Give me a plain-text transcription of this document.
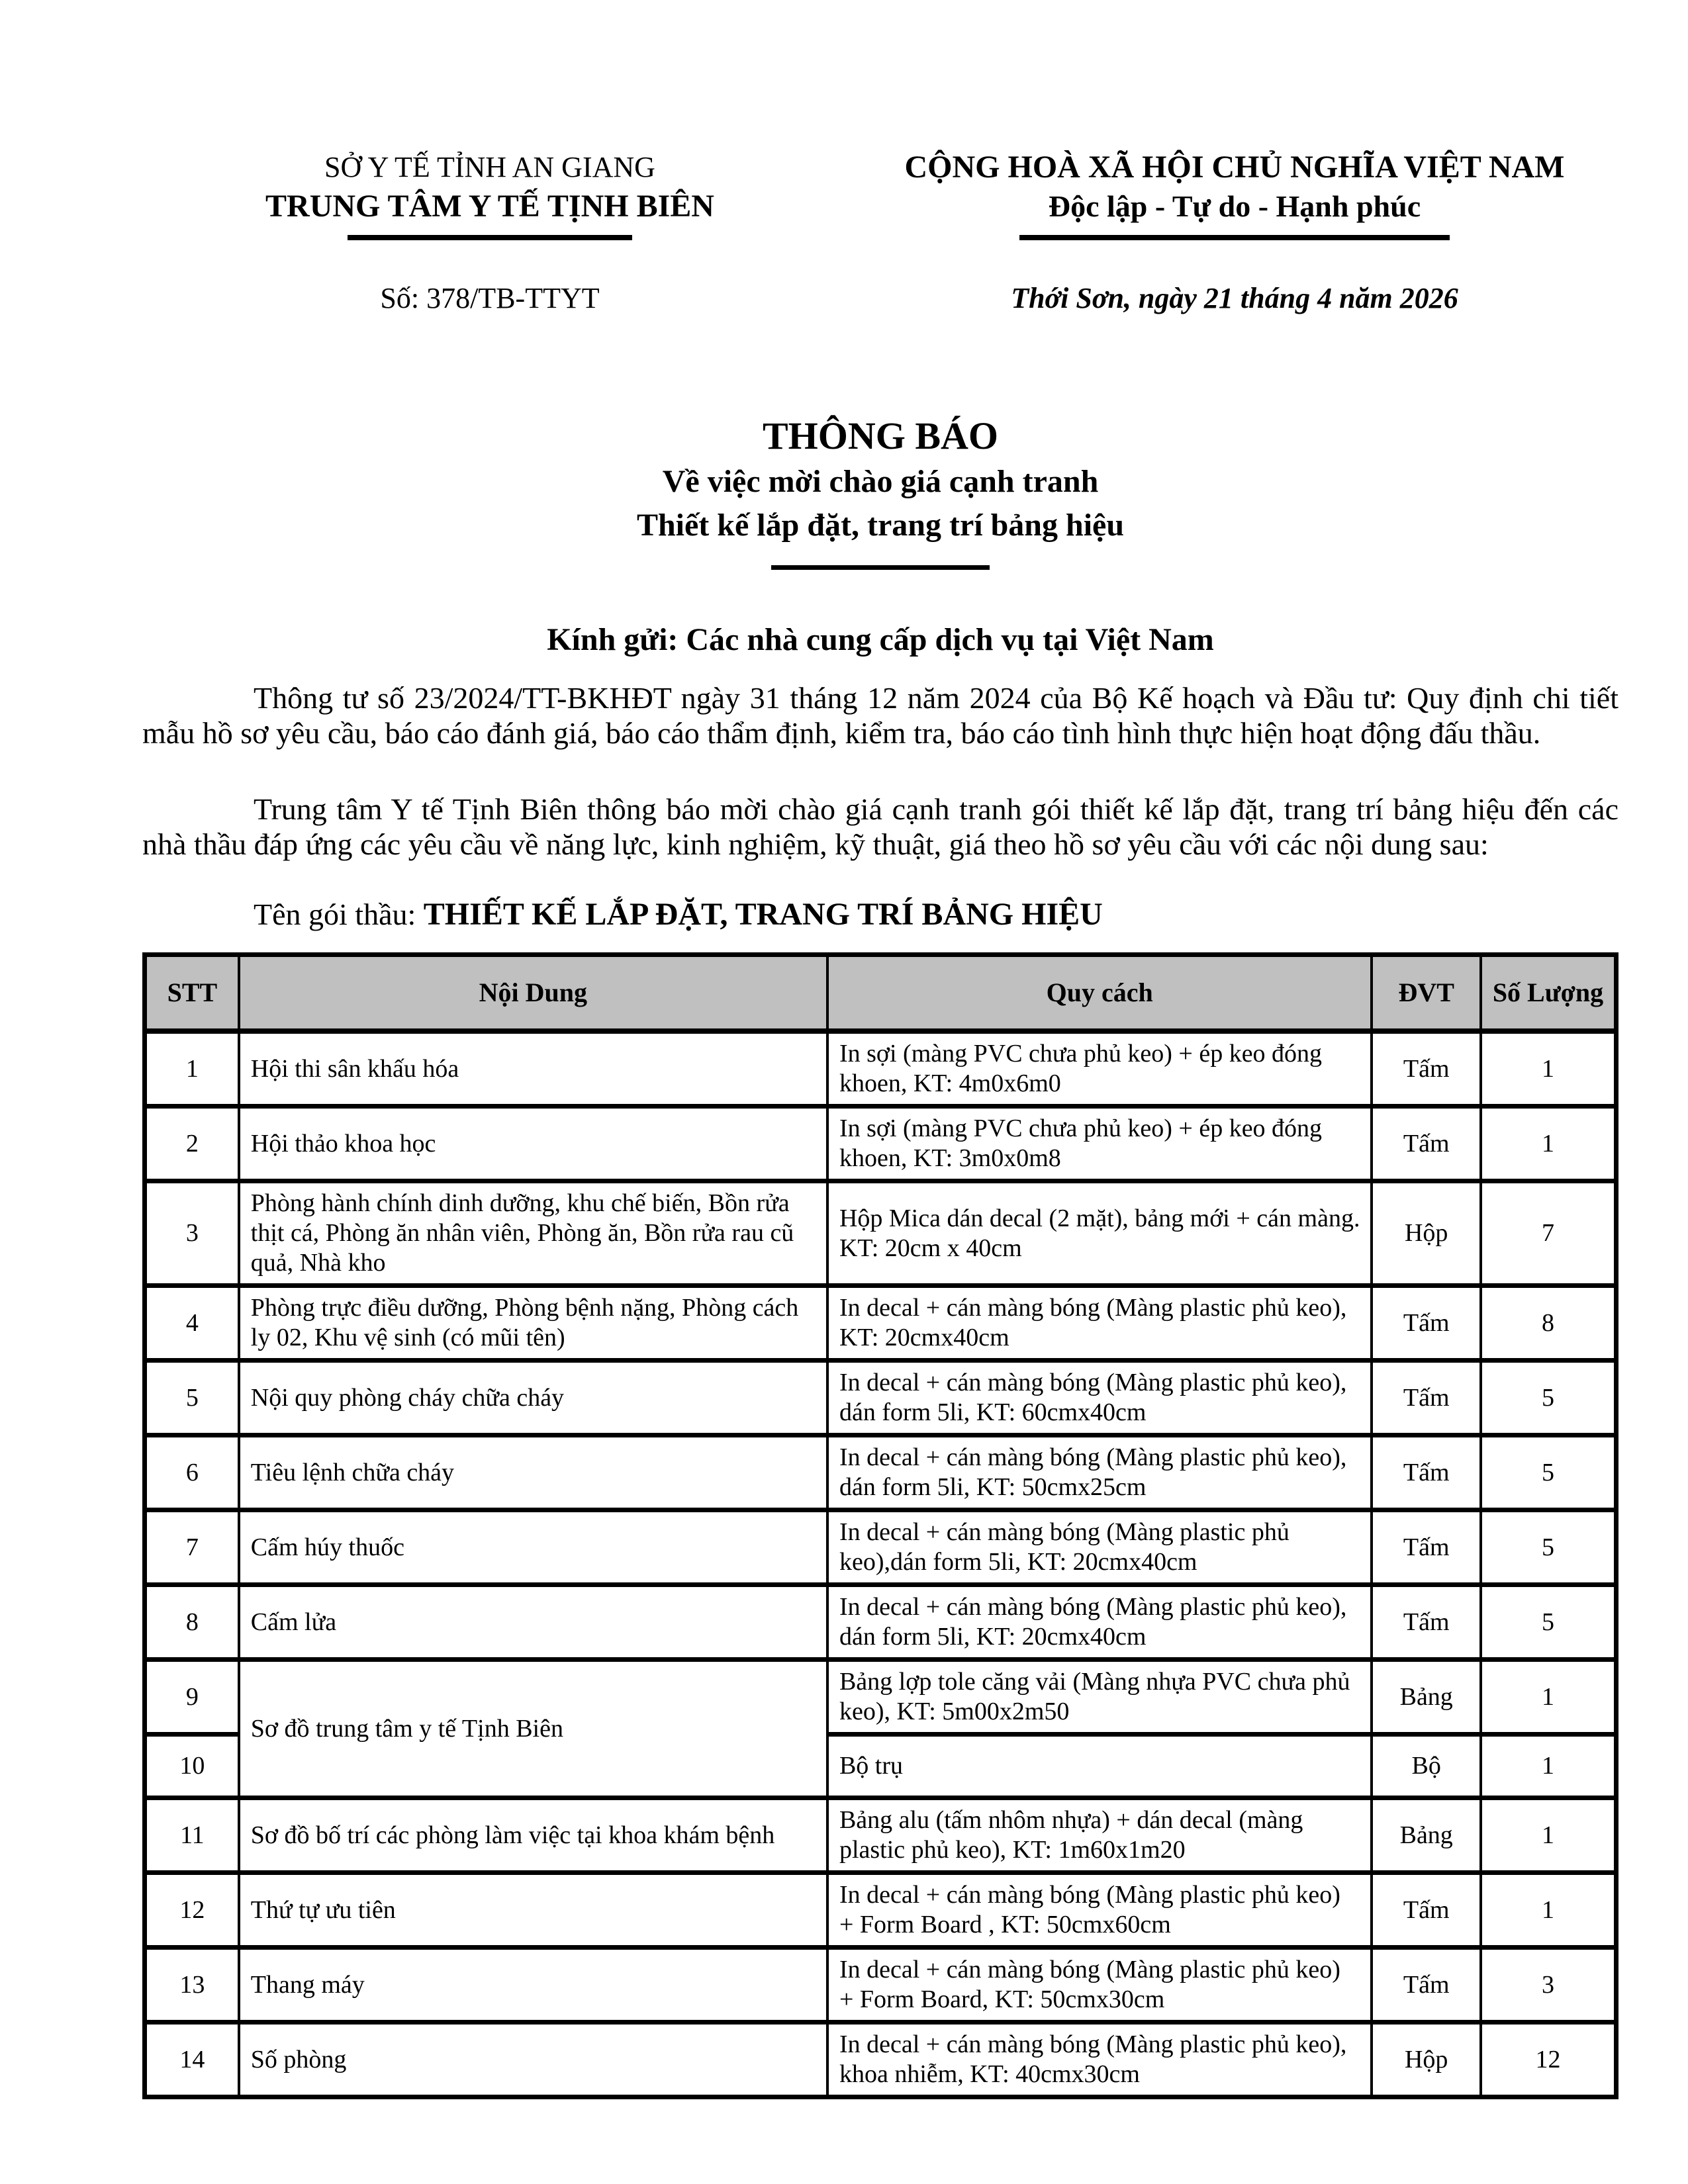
SỞ Y TẾ TỈNH AN GIANG
TRUNG TÂM Y TẾ TỊNH BIÊN
CỘNG HOÀ XÃ HỘI CHỦ NGHĨA VIỆT NAM
Độc lập - Tự do - Hạnh phúc
Số: 378/TB-TTYT	Thới Sơn, ngày 21 tháng 4 năm 2026
THÔNG BÁO
Về việc mời chào giá cạnh tranh
Thiết kế lắp đặt, trang trí bảng hiệu
Kính gửi: Các nhà cung cấp dịch vụ tại Việt Nam

Thông tư số 23/2024/TT-BKHĐT ngày 31 tháng 12 năm 2024 của Bộ Kế hoạch và Đầu tư: Quy định chi tiết mẫu hồ sơ yêu cầu, báo cáo đánh giá, báo cáo thẩm định, kiểm tra, báo cáo tình hình thực hiện hoạt động đấu thầu.

Trung tâm Y tế Tịnh Biên thông báo mời chào giá cạnh tranh gói thiết kế lắp đặt, trang trí bảng hiệu đến các nhà thầu đáp ứng các yêu cầu về năng lực, kinh nghiệm, kỹ thuật, giá theo hồ sơ yêu cầu với các nội dung sau:

Tên gói thầu: THIẾT KẾ LẮP ĐẶT, TRANG TRÍ BẢNG HIỆU
STT	Nội Dung	Quy cách	ĐVT	Số Lượng
1	Hội thi sân khấu hóa	In sợi (màng PVC chưa phủ keo) + ép keo đóng khoen, KT: 4m0x6m0	Tấm	1
2	Hội thảo khoa học	In sợi (màng PVC chưa phủ keo) + ép keo đóng khoen, KT: 3m0x0m8	Tấm	1
3	Phòng hành chính dinh dưỡng, khu chế biến, Bồn rửa thịt cá, Phòng ăn nhân viên, Phòng ăn, Bồn rửa rau cũ quả, Nhà kho	Hộp Mica dán decal (2 mặt), bảng mới + cán màng. KT: 20cm x 40cm	Hộp	7
4	Phòng trực điều dưỡng, Phòng bệnh nặng, Phòng cách ly 02, Khu vệ sinh (có mũi tên)	In decal + cán màng bóng (Màng plastic phủ keo), KT: 20cmx40cm	Tấm	8
5	Nội quy phòng cháy chữa cháy	In decal + cán màng bóng (Màng plastic phủ keo), dán form 5li, KT: 60cmx40cm	Tấm	5
6	Tiêu lệnh chữa cháy	In decal + cán màng bóng (Màng plastic phủ keo), dán form 5li, KT: 50cmx25cm	Tấm	5
7	Cấm húy thuốc	In decal + cán màng bóng (Màng plastic phủ keo),dán form 5li, KT: 20cmx40cm	Tấm	5
8	Cấm lửa	In decal + cán màng bóng (Màng plastic phủ keo), dán form 5li, KT: 20cmx40cm	Tấm	5
9	Sơ đồ trung tâm y tế Tịnh Biên	Bảng lợp tole căng vải (Màng nhựa PVC chưa phủ keo), KT: 5m00x2m50	Bảng	1
10		Bộ trụ	Bộ	1
11	Sơ đồ bố trí các phòng làm việc tại khoa khám bệnh	Bảng alu (tấm nhôm nhựa) + dán decal (màng plastic phủ keo), KT: 1m60x1m20	Bảng	1
12	Thứ tự ưu tiên	In decal + cán màng bóng (Màng plastic phủ keo) + Form Board , KT: 50cmx60cm	Tấm	1
13	Thang máy	In decal + cán màng bóng (Màng plastic phủ keo) + Form Board, KT: 50cmx30cm	Tấm	3
14	Số phòng	In decal + cán màng bóng (Màng plastic phủ keo), khoa nhiễm, KT: 40cmx30cm	Hộp	12
